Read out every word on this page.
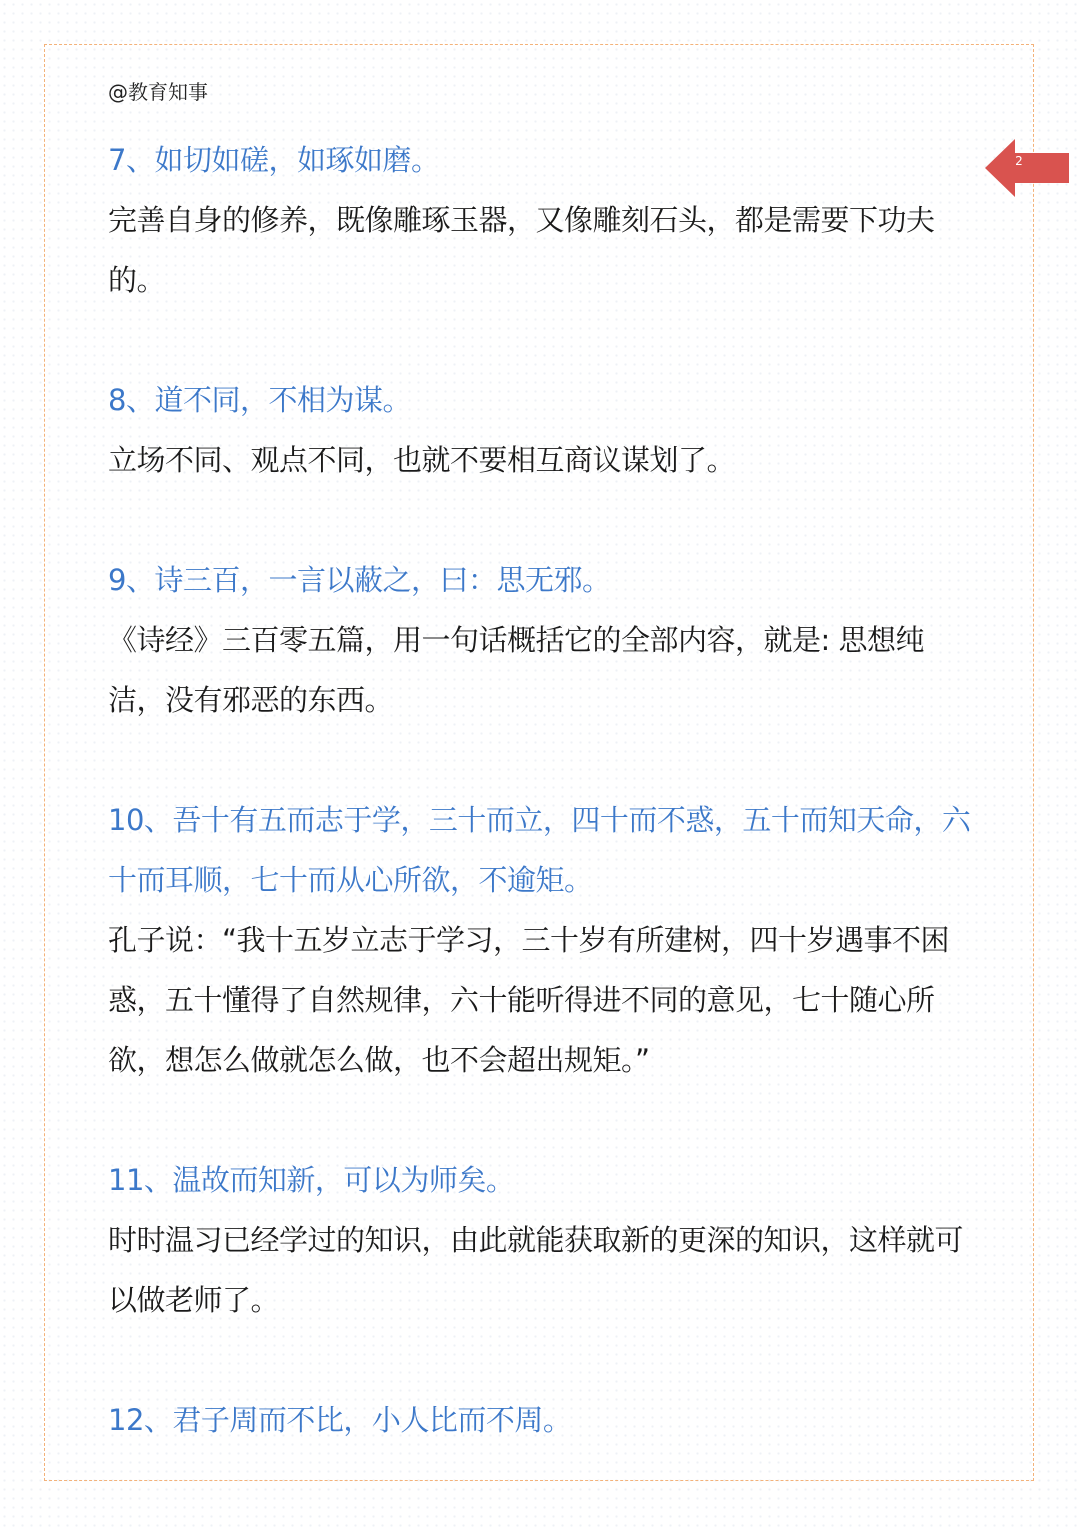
@教育知事
2
7、如切如磋，如琢如磨。
完善自身的修养，既像雕琢玉器，又像雕刻石头，都是需要下功夫的。
8、道不同，不相为谋。
立场不同、观点不同，也就不要相互商议谋划了。
9、诗三百，一言以蔽之，曰：思无邪。
《诗经》三百零五篇，用一句话概括它的全部内容，就是: 思想纯洁，没有邪恶的东西。
10、吾十有五而志于学，三十而立，四十而不惑，五十而知天命，六十而耳顺，七十而从心所欲，不逾矩。
孔子说：“我十五岁立志于学习，三十岁有所建树，四十岁遇事不困惑，五十懂得了自然规律，六十能听得进不同的意见，七十随心所欲，想怎么做就怎么做，也不会超出规矩。”
11、温故而知新，可以为师矣。
时时温习已经学过的知识，由此就能获取新的更深的知识，这样就可以做老师了。
12、君子周而不比，小人比而不周。
